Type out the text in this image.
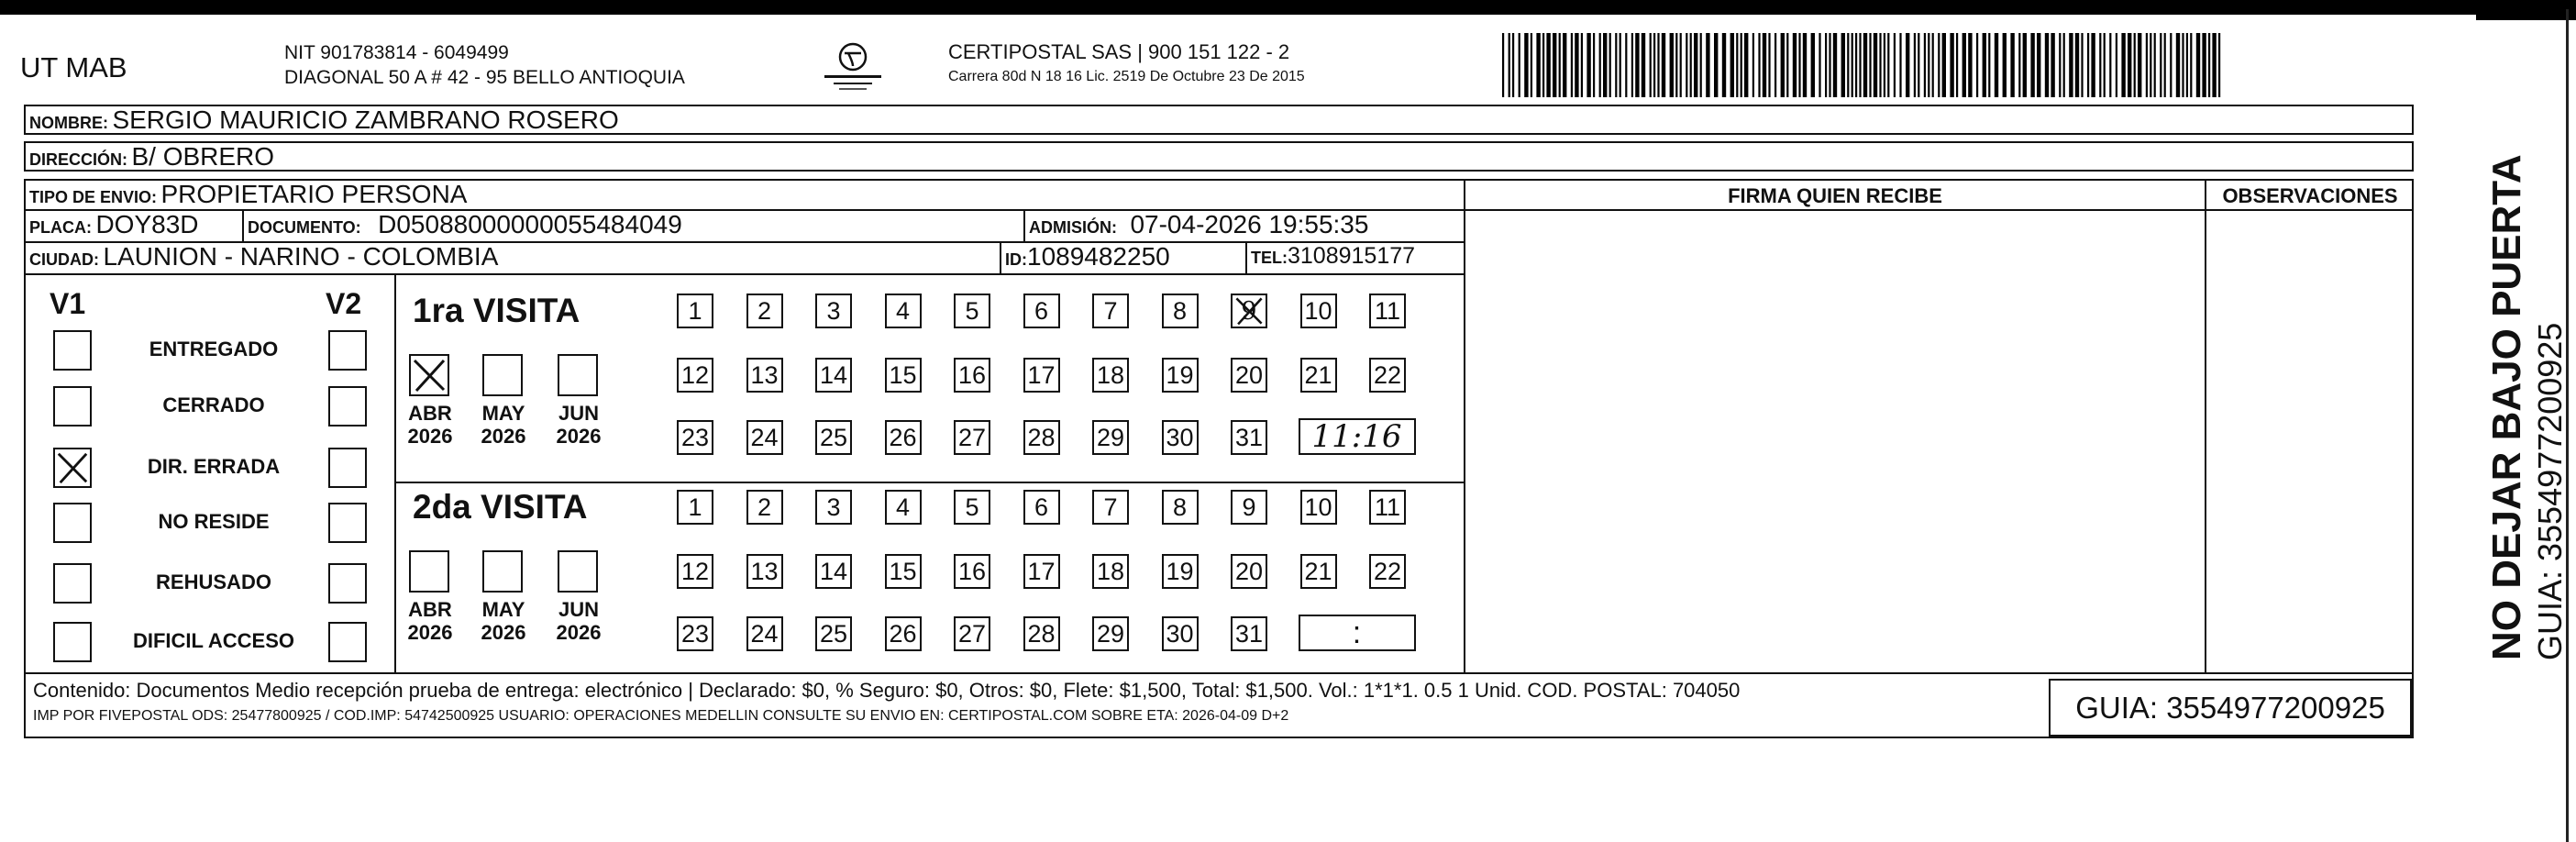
UT MAB	NIT 901783814 - 6049499
DIAGONAL 50 A # 42 - 95 BELLO ANTIOQUIA
CERTIPOSTAL SAS | 900 151 122 - 2
Carrera 80d N 18 16 Lic. 2519 De Octubre 23 De 2015
NOMBRE: SERGIO MAURICIO ZAMBRANO ROSERO
DIRECCIÓN: B/ OBRERO
TIPO DE ENVIO: PROPIETARIO PERSONA
PLACA: DOY83D	DOCUMENTO: D05088000000055484049	ADMISIÓN: 07-04-2026 19:55:35
CIUDAD: LAUNION - NARINO - COLOMBIA	ID:1089482250	TEL:3108915177
FIRMA QUIEN RECIBE	OBSERVACIONES
V1	V2
ENTREGADO
CERRADO
DIR. ERRADA
NO RESIDE
REHUSADO
DIFICIL ACCESO
1ra VISITA
ABR
2026
MAY
2026
JUN
2026
1	2	3	4	5	6	7	8	9	10 11
12 13 14 15 16 17 18 19 20 21 22
23 24 25 26 27 28 29 30 31	11:16
2da VISITA
ABR
2026
MAY
2026
JUN
2026
1	2	3	4	5	6	7	8	9	10 11
12 13 14 15 16 17 18 19 20 21 22
23 24 25 26 27 28 29 30 31	:
Contenido: Documentos Medio recepción prueba de entrega: electrónico | Declarado: $0, % Seguro: $0, Otros: $0, Flete: $1,500, Total: $1,500. Vol.: 1*1*1. 0.5 1 Unid. COD. POSTAL: 704050
IMP POR FIVEPOSTAL ODS: 25477800925 / COD.IMP: 54742500925 USUARIO: OPERACIONES MEDELLIN CONSULTE SU ENVIO EN: CERTIPOSTAL.COM SOBRE ETA: 2026-04-09 D+2	GUIA: 3554977200925
NO DEJAR BAJO PUERTA GUIA: 3554977200925
